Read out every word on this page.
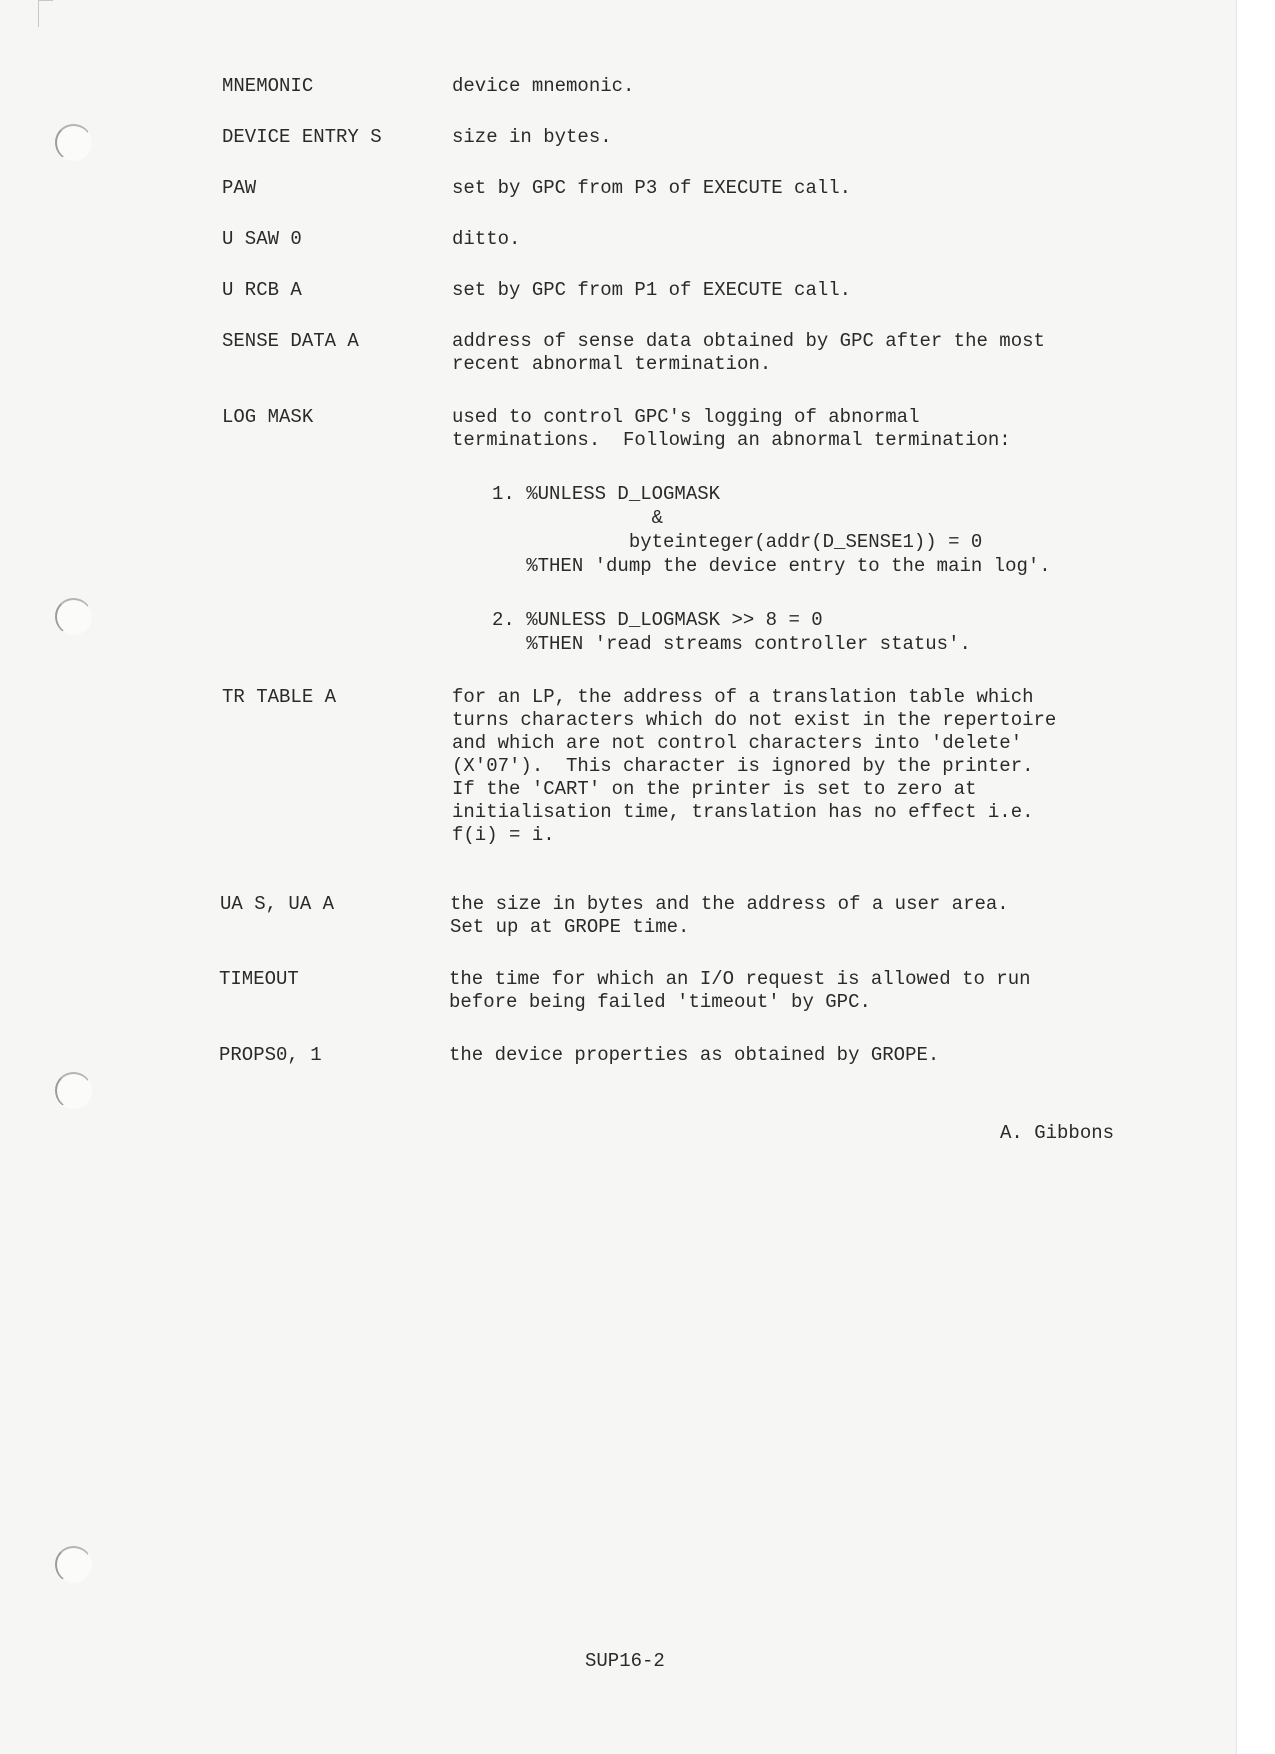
MNEMONIC

	device mnemonic.

DEVICE ENTRY S

	size in bytes.

PAW

	set by GPC from P3 of EXECUTE call.

U SAW 0

	ditto.

U RCB A

	set by GPC from P1 of EXECUTE call.

SENSE DATA A

	address of sense data obtained by GPC after the most
recent abnormal termination.

LOG MASK

	used to control GPC's logging of abnormal
terminations.  Following an abnormal termination:

1. %UNLESS D_LOGMASK
&
byteinteger(addr(D_SENSE1)) = 0
%THEN 'dump the device entry to the main log'.
2. %UNLESS D_LOGMASK >> 8 = 0
%THEN 'read streams controller status'.

TR TABLE A

	for an LP, the address of a translation table which
turns characters which do not exist in the repertoire
and which are not control characters into 'delete'
(X'07').  This character is ignored by the printer.
If the 'CART' on the printer is set to zero at
initialisation time, translation has no effect i.e.
f(i) = i.

UA S, UA A

	the size in bytes and the address of a user area.
Set up at GROPE time.

TIMEOUT

	the time for which an I/O request is allowed to run
before being failed 'timeout' by GPC.

PROPS0, 1

	the device properties as obtained by GROPE.

A. Gibbons
SUP16-2
